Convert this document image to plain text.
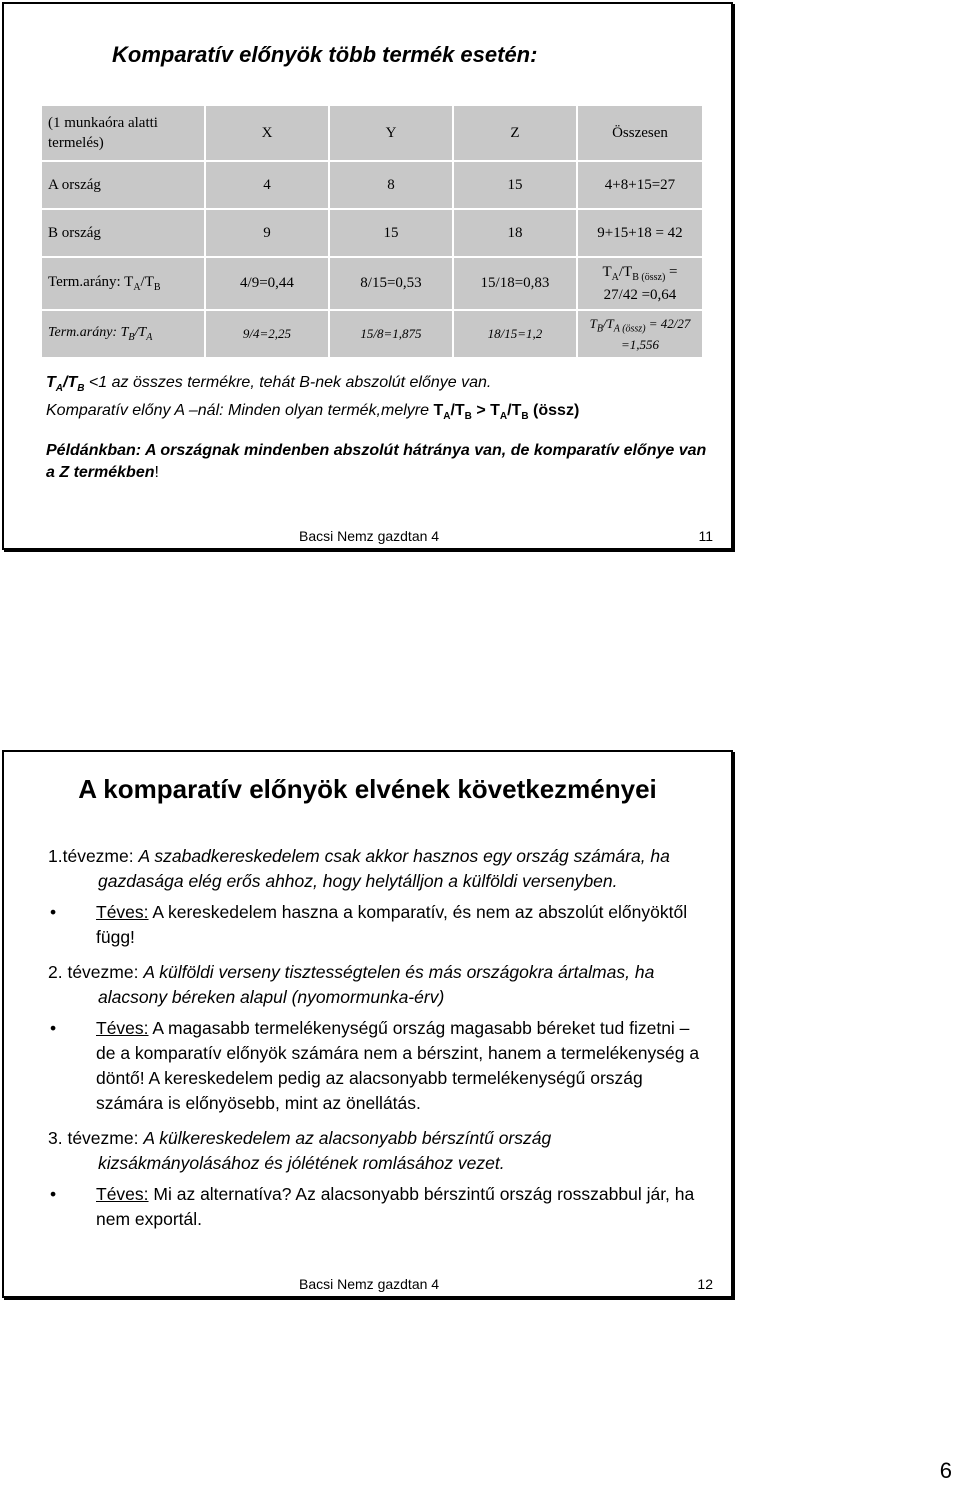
Komparatív előnyök több termék esetén:
(1 munkaóra alatti termelés)	X	Y	Z	Összesen
A ország	4	8	15	4+8+15=27
B ország	9	15	18	9+15+18 = 42
Term.arány: $T_A/T_B$	4/9=0,44	8/15=0,53	15/18=0,83	$T_A/T_{B (össz)} = 27/42 =0,64$
Term.arány: $T_B/T_A$	9/4=2,25	15/8=1,875	18/15=1,2	$T_B/T_{A (össz)} = 42/27 =1,556$

$T_A/T_B <1$ az összes termékre, tehát B-nek abszolút előnye van.

Komparatív előny A –nál: Minden olyan termék,melyre $T_A/T_B > T_A/T_B$ (össz)

Példánkban: A országnak mindenben abszolút hátránya van, de komparatív előnye van a Z termékben!

Bacsi Nemz gazdtan 4	11
A komparatív előnyök elvének következményei

1.tévezme: A szabadkereskedelem csak akkor hasznos egy ország számára, ha gazdasága elég erős ahhoz, hogy helytálljon a külföldi versenyben.

• Téves: A kereskedelem haszna a komparatív, és nem az abszolút előnyöktől függ!

2. tévezme: A külföldi verseny tisztességtelen és más országokra ártalmas, ha alacsony béreken alapul (nyomormunka-érv)

• Téves: A magasabb termelékenységű ország magasabb béreket tud fizetni – de a komparatív előnyök számára nem a bérszint, hanem a termelékenység a döntő! A kereskedelem pedig az alacsonyabb termelékenységű ország számára is előnyösebb, mint az önellátás.

3. tévezme: A külkereskedelem az alacsonyabb bérszíntű ország kizsákmányolásához és jólétének romlásához vezet.

• Téves: Mi az alternatíva? Az alacsonyabb bérszintű ország rosszabbul jár, ha nem exportál.

Bacsi Nemz gazdtan 4	12
6
